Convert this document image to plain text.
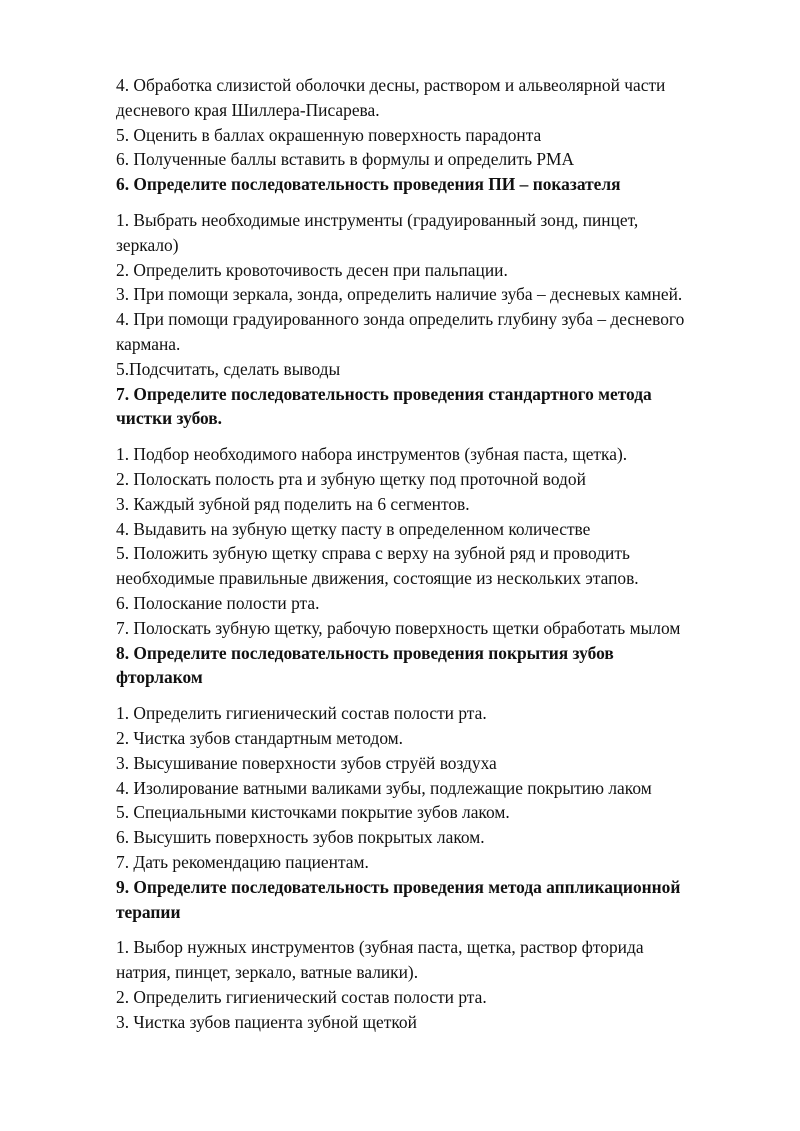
4. Обработка слизистой оболочки десны, раствором и альвеолярной части
десневого края Шиллера-Писарева.
5. Оценить в баллах окрашенную поверхность парадонта
6. Полученные баллы вставить в формулы и определить PMA
6. Определите последовательность проведения ПИ – показателя
1. Выбрать необходимые инструменты (градуированный зонд, пинцет,
зеркало)
2. Определить кровоточивость десен при пальпации.
3. При помощи зеркала, зонда, определить наличие зуба – десневых камней.
4. При помощи градуированного зонда определить глубину зуба – десневого
кармана.
5.Подсчитать, сделать выводы
7. Определите последовательность проведения стандартного метода
чистки зубов.
1. Подбор необходимого набора инструментов (зубная паста, щетка).
2. Полоскать полость рта и зубную щетку под проточной водой
3. Каждый зубной ряд поделить на 6 сегментов.
4. Выдавить на зубную щетку пасту в определенном количестве
5. Положить зубную щетку справа с верху на зубной ряд и проводить
необходимые правильные движения, состоящие из нескольких этапов.
6. Полоскание полости рта.
7. Полоскать зубную щетку, рабочую поверхность щетки обработать мылом
8. Определите последовательность проведения покрытия зубов
фторлаком
1. Определить гигиенический состав полости рта.
2. Чистка зубов стандартным методом.
3. Высушивание поверхности зубов струёй воздуха
4. Изолирование ватными валиками зубы, подлежащие покрытию лаком
5. Специальными кисточками покрытие зубов лаком.
6. Высушить поверхность зубов покрытых лаком.
7. Дать рекомендацию пациентам.
9. Определите последовательность проведения метода аппликационной
терапии
1. Выбор нужных инструментов (зубная паста, щетка, раствор фторида
натрия, пинцет, зеркало, ватные валики).
2. Определить гигиенический состав полости рта.
3. Чистка зубов пациента зубной щеткой
